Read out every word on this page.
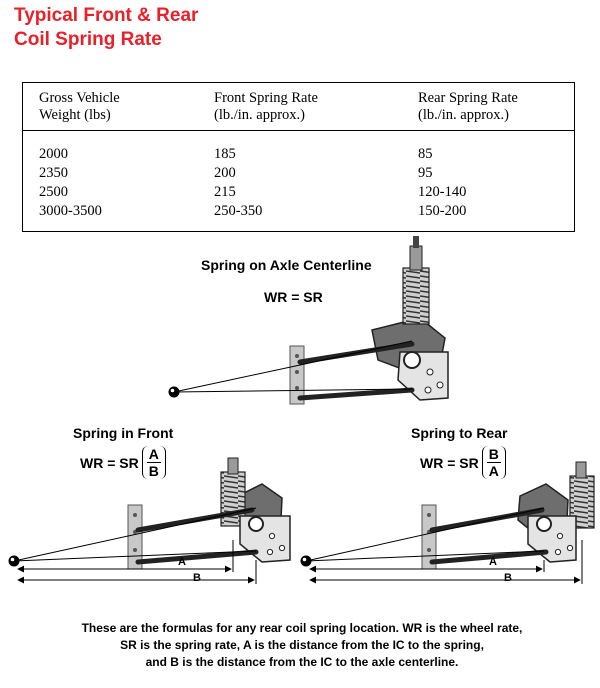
Typical Front & Rear
Coil Spring Rate
Gross Vehicle
Weight (lbs)
Front Spring Rate
(lb./in. approx.)
Rear Spring Rate
(lb./in. approx.)
2000
2350
2500
3000-3500
185
200
215
250-350
85
95
120-140
150-200
A
B
A
B
Spring on Axle Centerline
WR = SR
Spring in Front
WR = SR $\frac{A}{B}$
Spring to Rear
WR = SR $\frac{B}{A}$

These are the formulas for any rear coil spring location. WR is the wheel rate,
SR is the spring rate, A is the distance from the IC to the spring,
and B is the distance from the IC to the axle centerline.
